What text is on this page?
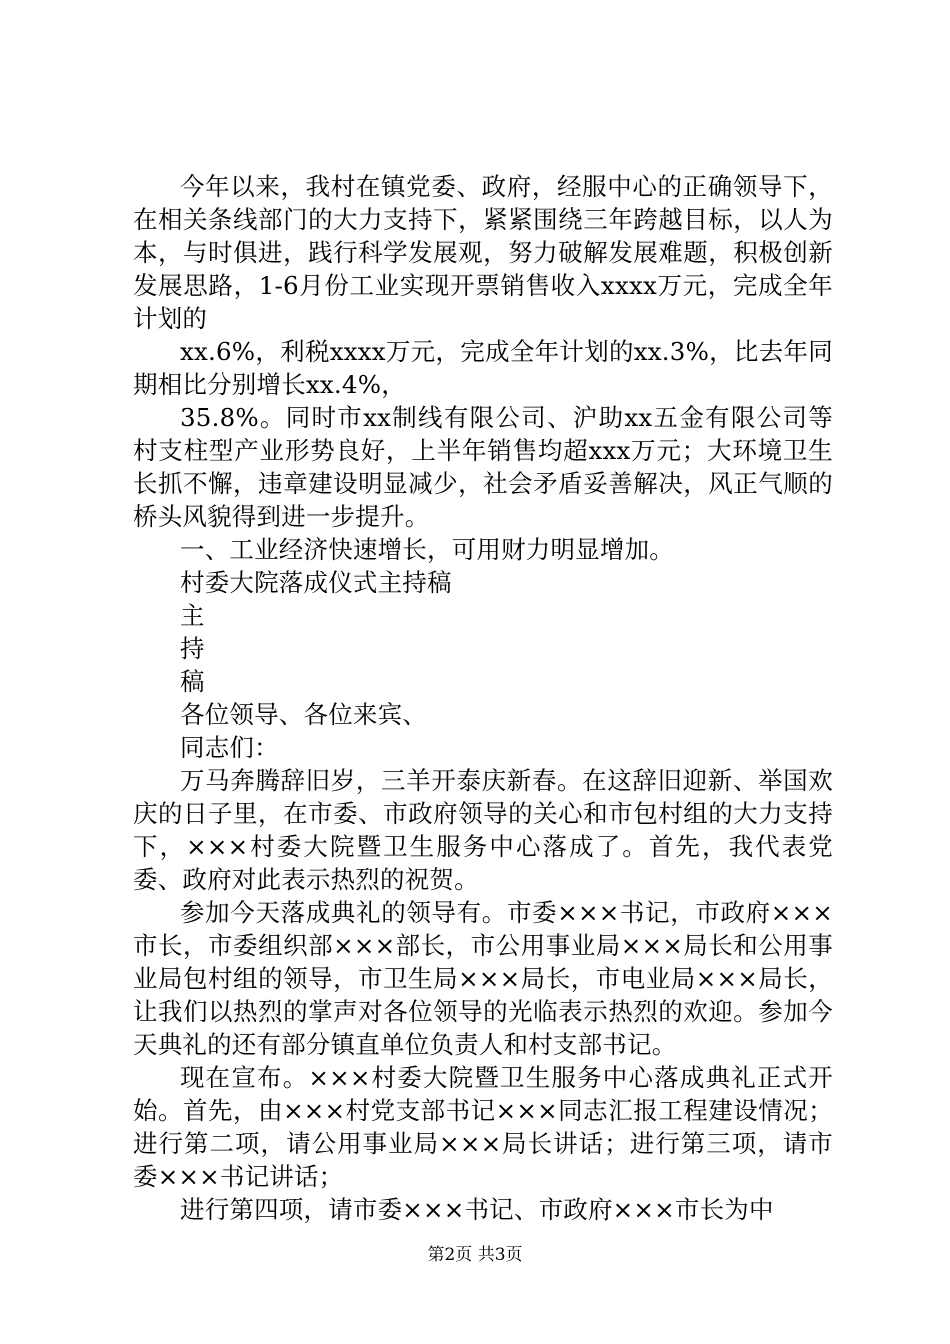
今年以来，我村在镇党委、政府，经服中心的正确领导下，在相关条线部门的大力支持下，紧紧围绕三年跨越目标，以人为本，与时俱进，践行科学发展观，努力破解发展难题，积极创新发展思路，1-6月份工业实现开票销售收入xxxx万元，完成全年计划的

xx.6%，利税xxxx万元，完成全年计划的xx.3%，比去年同期相比分别增长xx.4%，

35.8%。同时市xx制线有限公司、沪助xx五金有限公司等村支柱型产业形势良好，上半年销售均超xxx万元；大环境卫生长抓不懈，违章建设明显减少，社会矛盾妥善解决，风正气顺的桥头风貌得到进一步提升。

一、工业经济快速增长，可用财力明显增加。

村委大院落成仪式主持稿

主

持

稿

各位领导、各位来宾、

同志们：

万马奔腾辞旧岁，三羊开泰庆新春。在这辞旧迎新、举国欢庆的日子里，在市委、市政府领导的关心和市包村组的大力支持下，×××村委大院暨卫生服务中心落成了。首先，我代表党委、政府对此表示热烈的祝贺。

参加今天落成典礼的领导有。市委×××书记，市政府×××市长，市委组织部×××部长，市公用事业局×××局长和公用事业局包村组的领导，市卫生局×××局长，市电业局×××局长，让我们以热烈的掌声对各位领导的光临表示热烈的欢迎。参加今天典礼的还有部分镇直单位负责人和村支部书记。

现在宣布。×××村委大院暨卫生服务中心落成典礼正式开始。首先，由×××村党支部书记×××同志汇报工程建设情况；进行第二项，请公用事业局×××局长讲话；进行第三项，请市委×××书记讲话；

进行第四项，请市委×××书记、市政府×××市长为中

第2页 共3页
